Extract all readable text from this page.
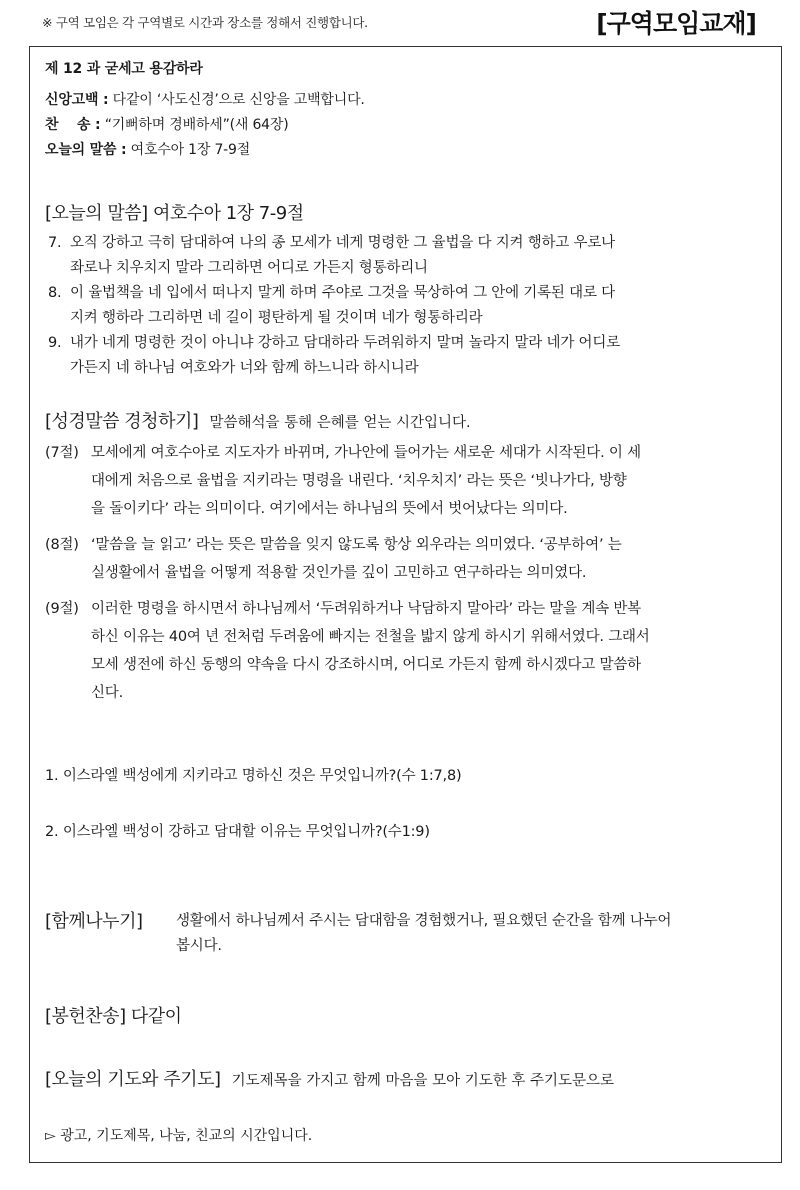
※ 구역 모임은 각 구역별로 시간과 장소를 정해서 진행합니다.	[구역모임교재]
제 12 과 굳세고 용감하라
신앙고백 : 다같이 ‘사도신경’으로 신앙을 고백합니다.
찬    송 : “기뻐하며 경배하세”(새 64장)
오늘의 말씀 : 여호수아 1장 7-9절
[오늘의 말씀] 여호수아 1장 7-9절
7. 오직 강하고 극히 담대하여 나의 종 모세가 네게 명령한 그 율법을 다 지켜 행하고 우로나
좌로나 치우치지 말라 그리하면 어디로 가든지 형통하리니
8. 이 율법책을 네 입에서 떠나지 말게 하며 주야로 그것을 묵상하여 그 안에 기록된 대로 다
지켜 행하라 그리하면 네 길이 평탄하게 될 것이며 네가 형통하리라
9. 내가 네게 명령한 것이 아니냐 강하고 담대하라 두려워하지 말며 놀라지 말라 네가 어디로
가든지 네 하나님 여호와가 너와 함께 하느니라 하시니라
[성경말씀 경청하기] 말씀해석을 통해 은혜를 얻는 시간입니다.
(7절) 모세에게 여호수아로 지도자가 바뀌며, 가나안에 들어가는 새로운 세대가 시작된다. 이 세
대에게 처음으로 율법을 지키라는 명령을 내린다. ‘치우치지’ 라는 뜻은 ‘빗나가다, 방향
을 돌이키다’ 라는 의미이다. 여기에서는 하나님의 뜻에서 벗어났다는 의미다.
(8절) ‘말씀을 늘 읽고’ 라는 뜻은 말씀을 잊지 않도록 항상 외우라는 의미였다. ‘공부하여’ 는
실생활에서 율법을 어떻게 적용할 것인가를 깊이 고민하고 연구하라는 의미였다.
(9절) 이러한 명령을 하시면서 하나님께서 ‘두려워하거나 낙담하지 말아라’ 라는 말을 계속 반복
하신 이유는 40여 년 전처럼 두려움에 빠지는 전철을 밟지 않게 하시기 위해서였다. 그래서
모세 생전에 하신 동행의 약속을 다시 강조하시며, 어디로 가든지 함께 하시겠다고 말씀하
신다.
1. 이스라엘 백성에게 지키라고 명하신 것은 무엇입니까?(수 1:7,8)
2. 이스라엘 백성이 강하고 담대할 이유는 무엇입니까?(수1:9)
[함께나누기] 생활에서 하나님께서 주시는 담대함을 경험했거나, 필요했던 순간을 함께 나누어
봅시다.
[봉헌찬송] 다같이
[오늘의 기도와 주기도] 기도제목을 가지고 함께 마음을 모아 기도한 후 주기도문으로
▻ 광고, 기도제목, 나눔, 친교의 시간입니다.
